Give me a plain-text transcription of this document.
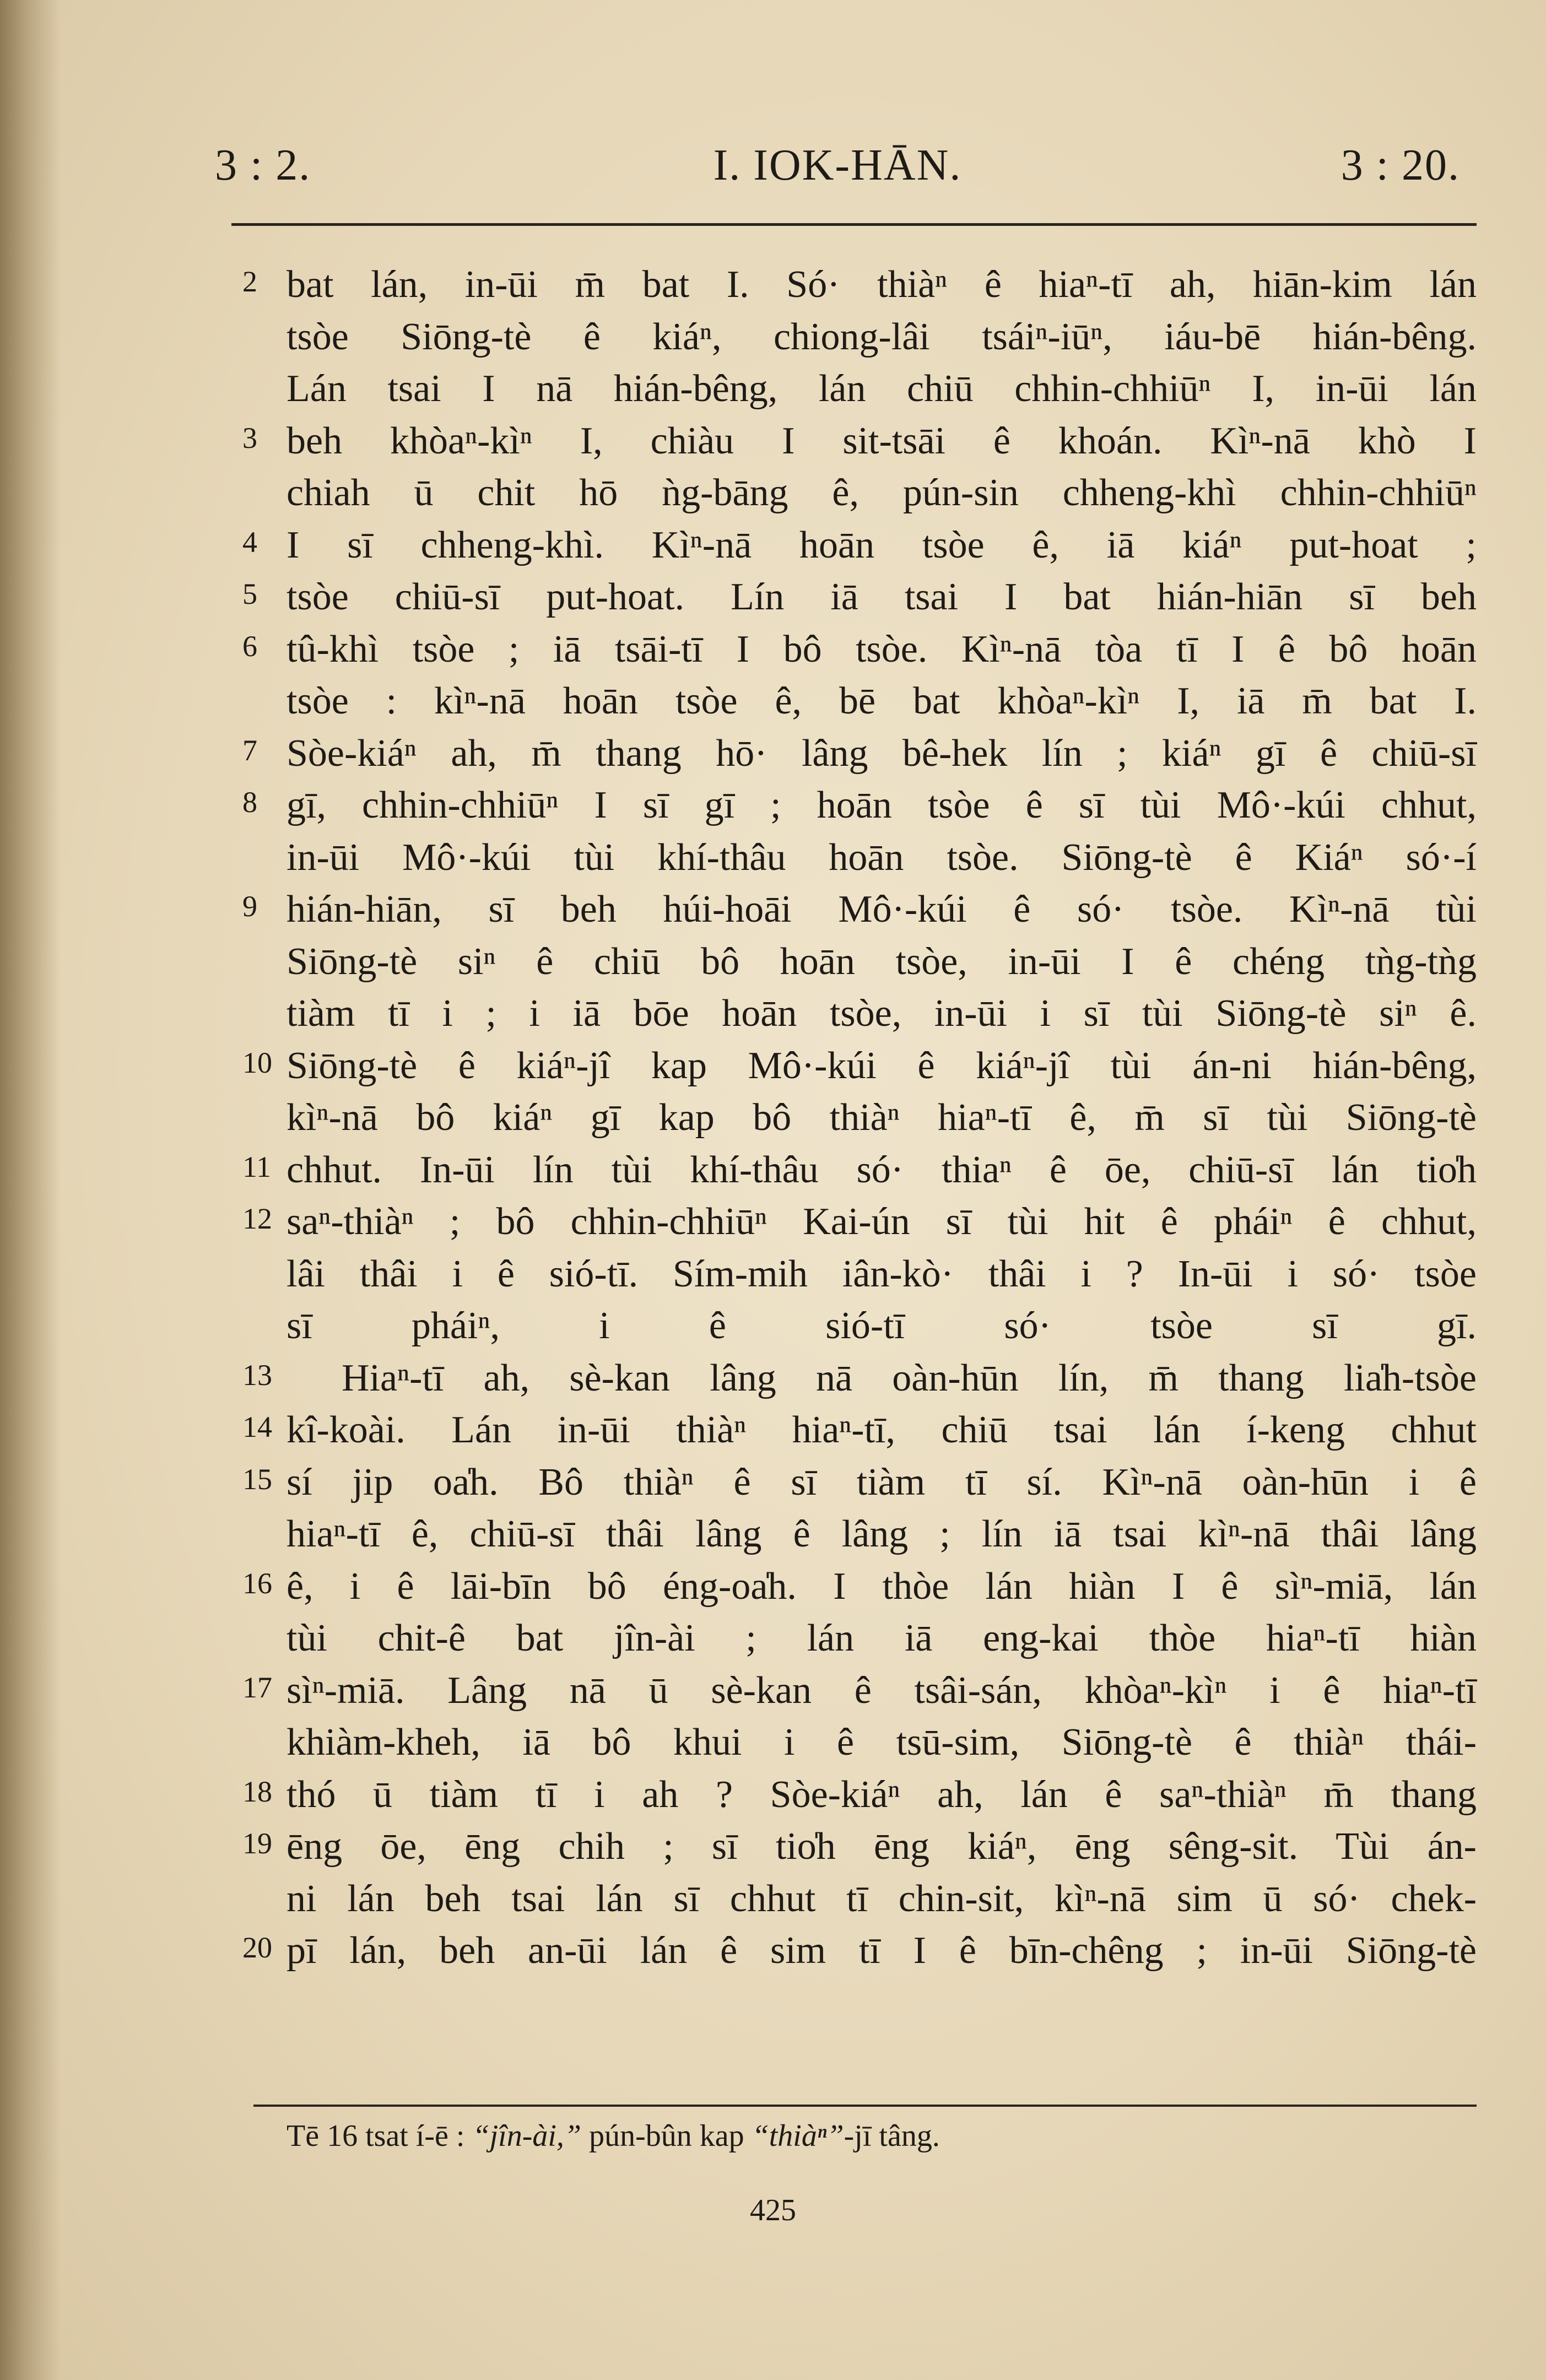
3 : 2.	I. IOK-HĀN.	3 : 20.
2 bat lán, in-ūi m̄ bat I. Só· thiàⁿ ê hiaⁿ-tī ah, hiān-kim lán
tsòe Siōng-tè ê kiáⁿ, chiong-lâi tsáiⁿ-iūⁿ, iáu-bē hián-bêng.
Lán tsai I nā hián-bêng, lán chiū chhin-chhiūⁿ I, in-ūi lán
3 beh khòaⁿ-kìⁿ I, chiàu I sit-tsāi ê khoán. Kìⁿ-nā khò I
chiah ū chit hō ǹg-bāng ê, pún-sin chheng-khì chhin-chhiūⁿ
4 I sī chheng-khì. Kìⁿ-nā hoān tsòe ê, iā kiáⁿ put-hoat ;
5 tsòe chiū-sī put-hoat. Lín iā tsai I bat hián-hiān sī beh
6 tû-khì tsòe ; iā tsāi-tī I bô tsòe. Kìⁿ-nā tòa tī I ê bô hoān
tsòe : kìⁿ-nā hoān tsòe ê, bē bat khòaⁿ-kìⁿ I, iā m̄ bat I.
7 Sòe-kiáⁿ ah, m̄ thang hō· lâng bê-hek lín ; kiáⁿ gī ê chiū-sī
8 gī, chhin-chhiūⁿ I sī gī ; hoān tsòe ê sī tùi Mô·-kúi chhut,
in-ūi Mô·-kúi tùi khí-thâu hoān tsòe. Siōng-tè ê Kiáⁿ só·-í
9 hián-hiān, sī beh húi-hoāi Mô·-kúi ê só· tsòe. Kìⁿ-nā tùi
Siōng-tè siⁿ ê chiū bô hoān tsòe, in-ūi I ê chéng tǹg-tǹg
tiàm tī i ; i iā bōe hoān tsòe, in-ūi i sī tùi Siōng-tè siⁿ ê.
10 Siōng-tè ê kiáⁿ-jî kap Mô·-kúi ê kiáⁿ-jî tùi án-ni hián-bêng,
kìⁿ-nā bô kiáⁿ gī kap bô thiàⁿ hiaⁿ-tī ê, m̄ sī tùi Siōng-tè
11 chhut. In-ūi lín tùi khí-thâu só· thiaⁿ ê ōe, chiū-sī lán tio̍h
12 saⁿ-thiàⁿ ; bô chhin-chhiūⁿ Kai-ún sī tùi hit ê pháiⁿ ê chhut,
lâi thâi i ê sió-tī. Sím-mih iân-kò· thâi i ? In-ūi i só· tsòe
sī pháiⁿ, i ê sió-tī só· tsòe sī gī.
13	Hiaⁿ-tī ah, sè-kan lâng nā oàn-hūn lín, m̄ thang lia̍h-tsòe
14 kî-koài. Lán in-ūi thiàⁿ hiaⁿ-tī, chiū tsai lán í-keng chhut
15 sí jip oa̍h. Bô thiàⁿ ê sī tiàm tī sí. Kìⁿ-nā oàn-hūn i ê
hiaⁿ-tī ê, chiū-sī thâi lâng ê lâng ; lín iā tsai kìⁿ-nā thâi lâng
16 ê, i ê lāi-bīn bô éng-oa̍h. I thòe lán hiàn I ê sìⁿ-miā, lán
tùi chit-ê bat jîn-ài ; lán iā eng-kai thòe hiaⁿ-tī hiàn
17 sìⁿ-miā. Lâng nā ū sè-kan ê tsâi-sán, khòaⁿ-kìⁿ i ê hiaⁿ-tī
khiàm-kheh, iā bô khui i ê tsū-sim, Siōng-tè ê thiàⁿ thái-
18 thó ū tiàm tī i ah ? Sòe-kiáⁿ ah, lán ê saⁿ-thiàⁿ m̄ thang
19 ēng ōe, ēng chih ; sī tio̍h ēng kiáⁿ, ēng sêng-sit. Tùi án-
ni lán beh tsai lán sī chhut tī chin-sit, kìⁿ-nā sim ū só· chek-
20 pī lán, beh an-ūi lán ê sim tī I ê bīn-chêng ; in-ūi Siōng-tè
Tē 16 tsat í-ē : “jîn-ài,” pún-bûn kap “thiàⁿ”-jī tâng.
425
